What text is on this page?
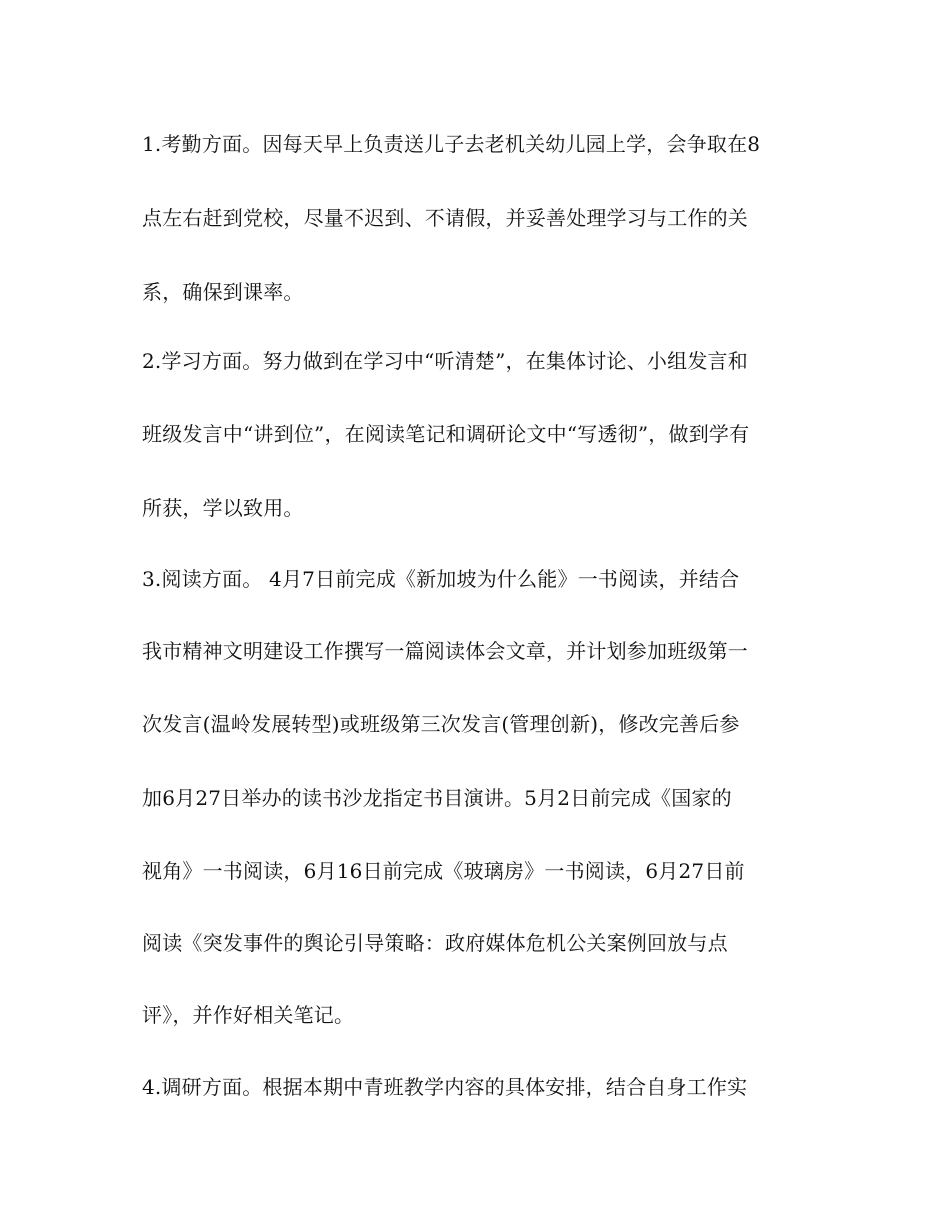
1.考勤方面。因每天早上负责送儿子去老机关幼儿园上学，会争取在8
点左右赶到党校，尽量不迟到、不请假，并妥善处理学习与工作的关
系，确保到课率。
2.学习方面。努力做到在学习中“听清楚”，在集体讨论、小组发言和
班级发言中“讲到位”，在阅读笔记和调研论文中“写透彻”，做到学有
所获，学以致用。
3.阅读方面。 4月7日前完成《新加坡为什么能》一书阅读，并结合
我市精神文明建设工作撰写一篇阅读体会文章，并计划参加班级第一
次发言(温岭发展转型)或班级第三次发言(管理创新)，修改完善后参
加6月27日举办的读书沙龙指定书目演讲。5月2日前完成《国家的
视角》一书阅读，6月16日前完成《玻璃房》一书阅读，6月27日前
阅读《突发事件的舆论引导策略：政府媒体危机公关案例回放与点
评》，并作好相关笔记。
4.调研方面。根据本期中青班教学内容的具体安排，结合自身工作实
